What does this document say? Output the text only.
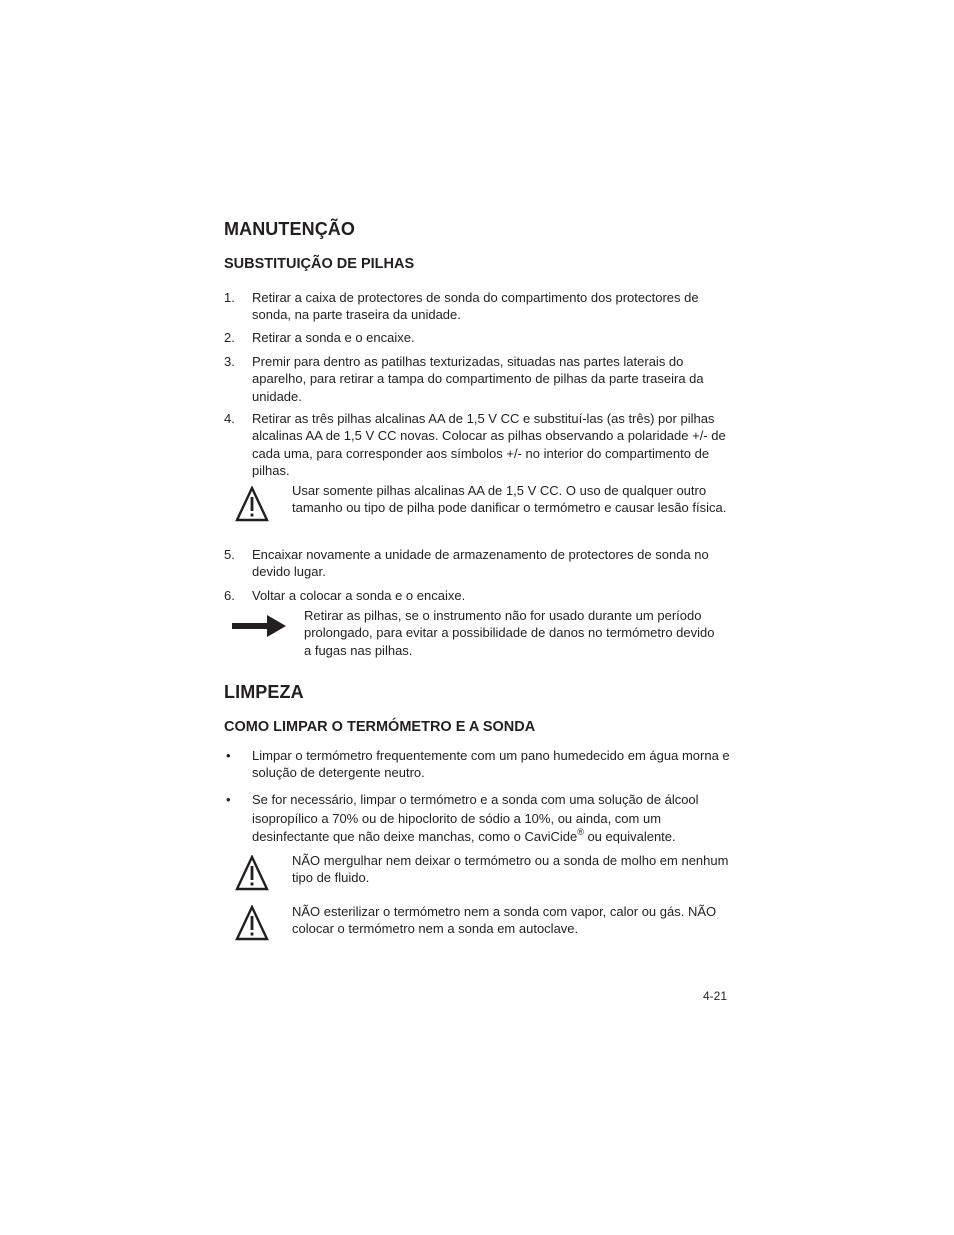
MANUTENÇÃO
SUBSTITUIÇÃO DE PILHAS
1.	Retirar a caixa de protectores de sonda do compartimento dos protectores de sonda, na parte traseira da unidade.
2.	Retirar a sonda e o encaixe.
3.	Premir para dentro as patilhas texturizadas, situadas nas partes laterais do aparelho, para retirar a tampa do compartimento de pilhas da parte traseira da unidade.
4.	Retirar as três pilhas alcalinas AA de 1,5 V CC e substituí-las (as três) por pilhas alcalinas AA de 1,5 V CC novas. Colocar as pilhas observando a polaridade +/- de cada uma, para corresponder aos símbolos +/- no interior do compartimento de pilhas.
Usar somente pilhas alcalinas AA de 1,5 V CC. O uso de qualquer outro tamanho ou tipo de pilha pode danificar o termómetro e causar lesão física.
5.	Encaixar novamente a unidade de armazenamento de protectores de sonda no devido lugar.
6.	Voltar a colocar a sonda e o encaixe.
Retirar as pilhas, se o instrumento não for usado durante um período prolongado, para evitar a possibilidade de danos no termómetro devido a fugas nas pilhas.
LIMPEZA
COMO LIMPAR O TERMÓMETRO E A SONDA
• Limpar o termómetro frequentemente com um pano humedecido em água morna e solução de detergente neutro.
• Se for necessário, limpar o termómetro e a sonda com uma solução de álcool isopropílico a 70% ou de hipoclorito de sódio a 10%, ou ainda, com um desinfectante que não deixe manchas, como o CaviCide® ou equivalente.
NÃO mergulhar nem deixar o termómetro ou a sonda de molho em nenhum tipo de fluido.
NÃO esterilizar o termómetro nem a sonda com vapor, calor ou gás. NÃO colocar o termómetro nem a sonda em autoclave.
4-21
